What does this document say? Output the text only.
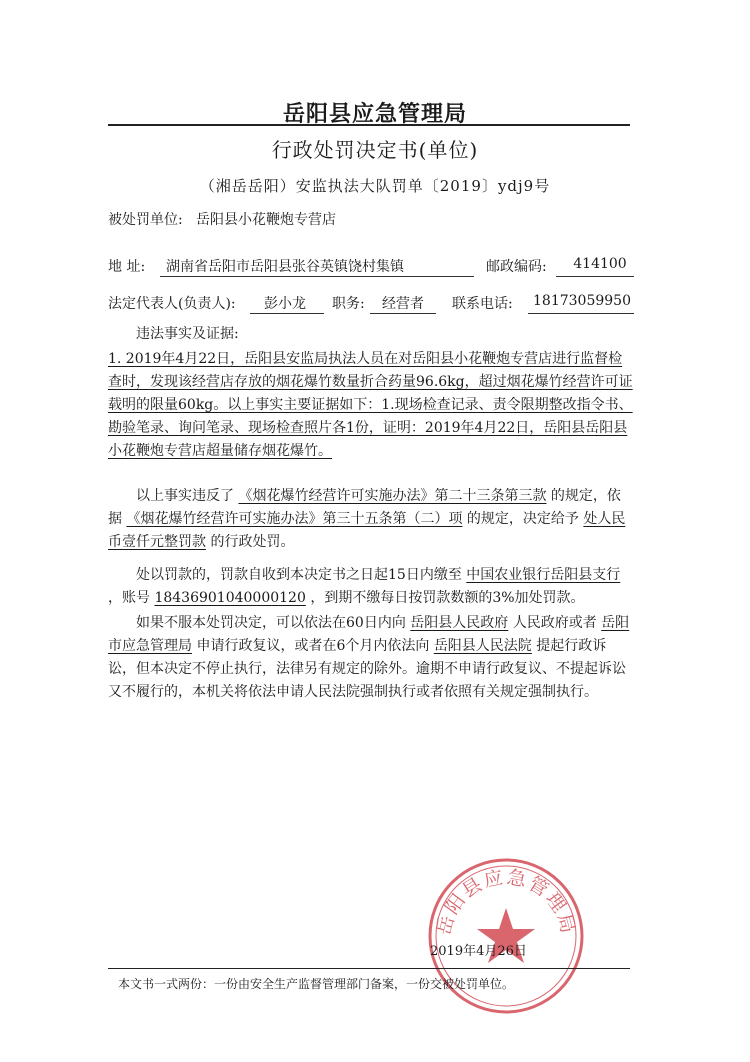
岳阳县应急管理局
行政处罚决定书(单位)
（湘岳岳阳）安监执法大队罚单〔2019〕ydj9号
被处罚单位: 岳阳县小花鞭炮专营店
地 址: 湖南省岳阳市岳阳县张谷英镇饶村集镇	邮政编码:	414100
法定代表人(负责人):	彭小龙	职务:	经营者	联系电话: 18173059950
违法事实及证据:

1. 2019年4月22日，岳阳县安监局执法人员在对岳阳县小花鞭炮专营店进行监督检查时，发现该经营店存放的烟花爆竹数量折合药量96.6kg，超过烟花爆竹经营许可证载明的限量60kg。以上事实主要证据如下：1.现场检查记录、责令限期整改指令书、勘验笔录、询问笔录、现场检查照片各1份，证明：2019年4月22日，岳阳县岳阳县小花鞭炮专营店超量储存烟花爆竹。

以上事实违反了 《烟花爆竹经营许可实施办法》第二十三条第三款 的规定，依据 《烟花爆竹经营许可实施办法》第三十五条第（二）项 的规定，决定给予 处人民币壹仟元整罚款 的行政处罚。
处以罚款的，罚款自收到本决定书之日起15日内缴至 中国农业银行岳阳县支行 ，账号 18436901040000120 ，到期不缴每日按罚款数额的3%加处罚款。
如果不服本处罚决定，可以依法在60日内向 岳阳县人民政府 人民政府或者 岳阳市应急管理局 申请行政复议，或者在6个月内依法向 岳阳县人民法院 提起行政诉讼，但本决定不停止执行，法律另有规定的除外。逾期不申请行政复议、不提起诉讼又不履行的，本机关将依法申请人民法院强制执行或者依照有关规定强制执行。
岳阳县应急管理局
2019年4月26日
本文书一式两份：一份由安全生产监督管理部门备案，一份交被处罚单位。
